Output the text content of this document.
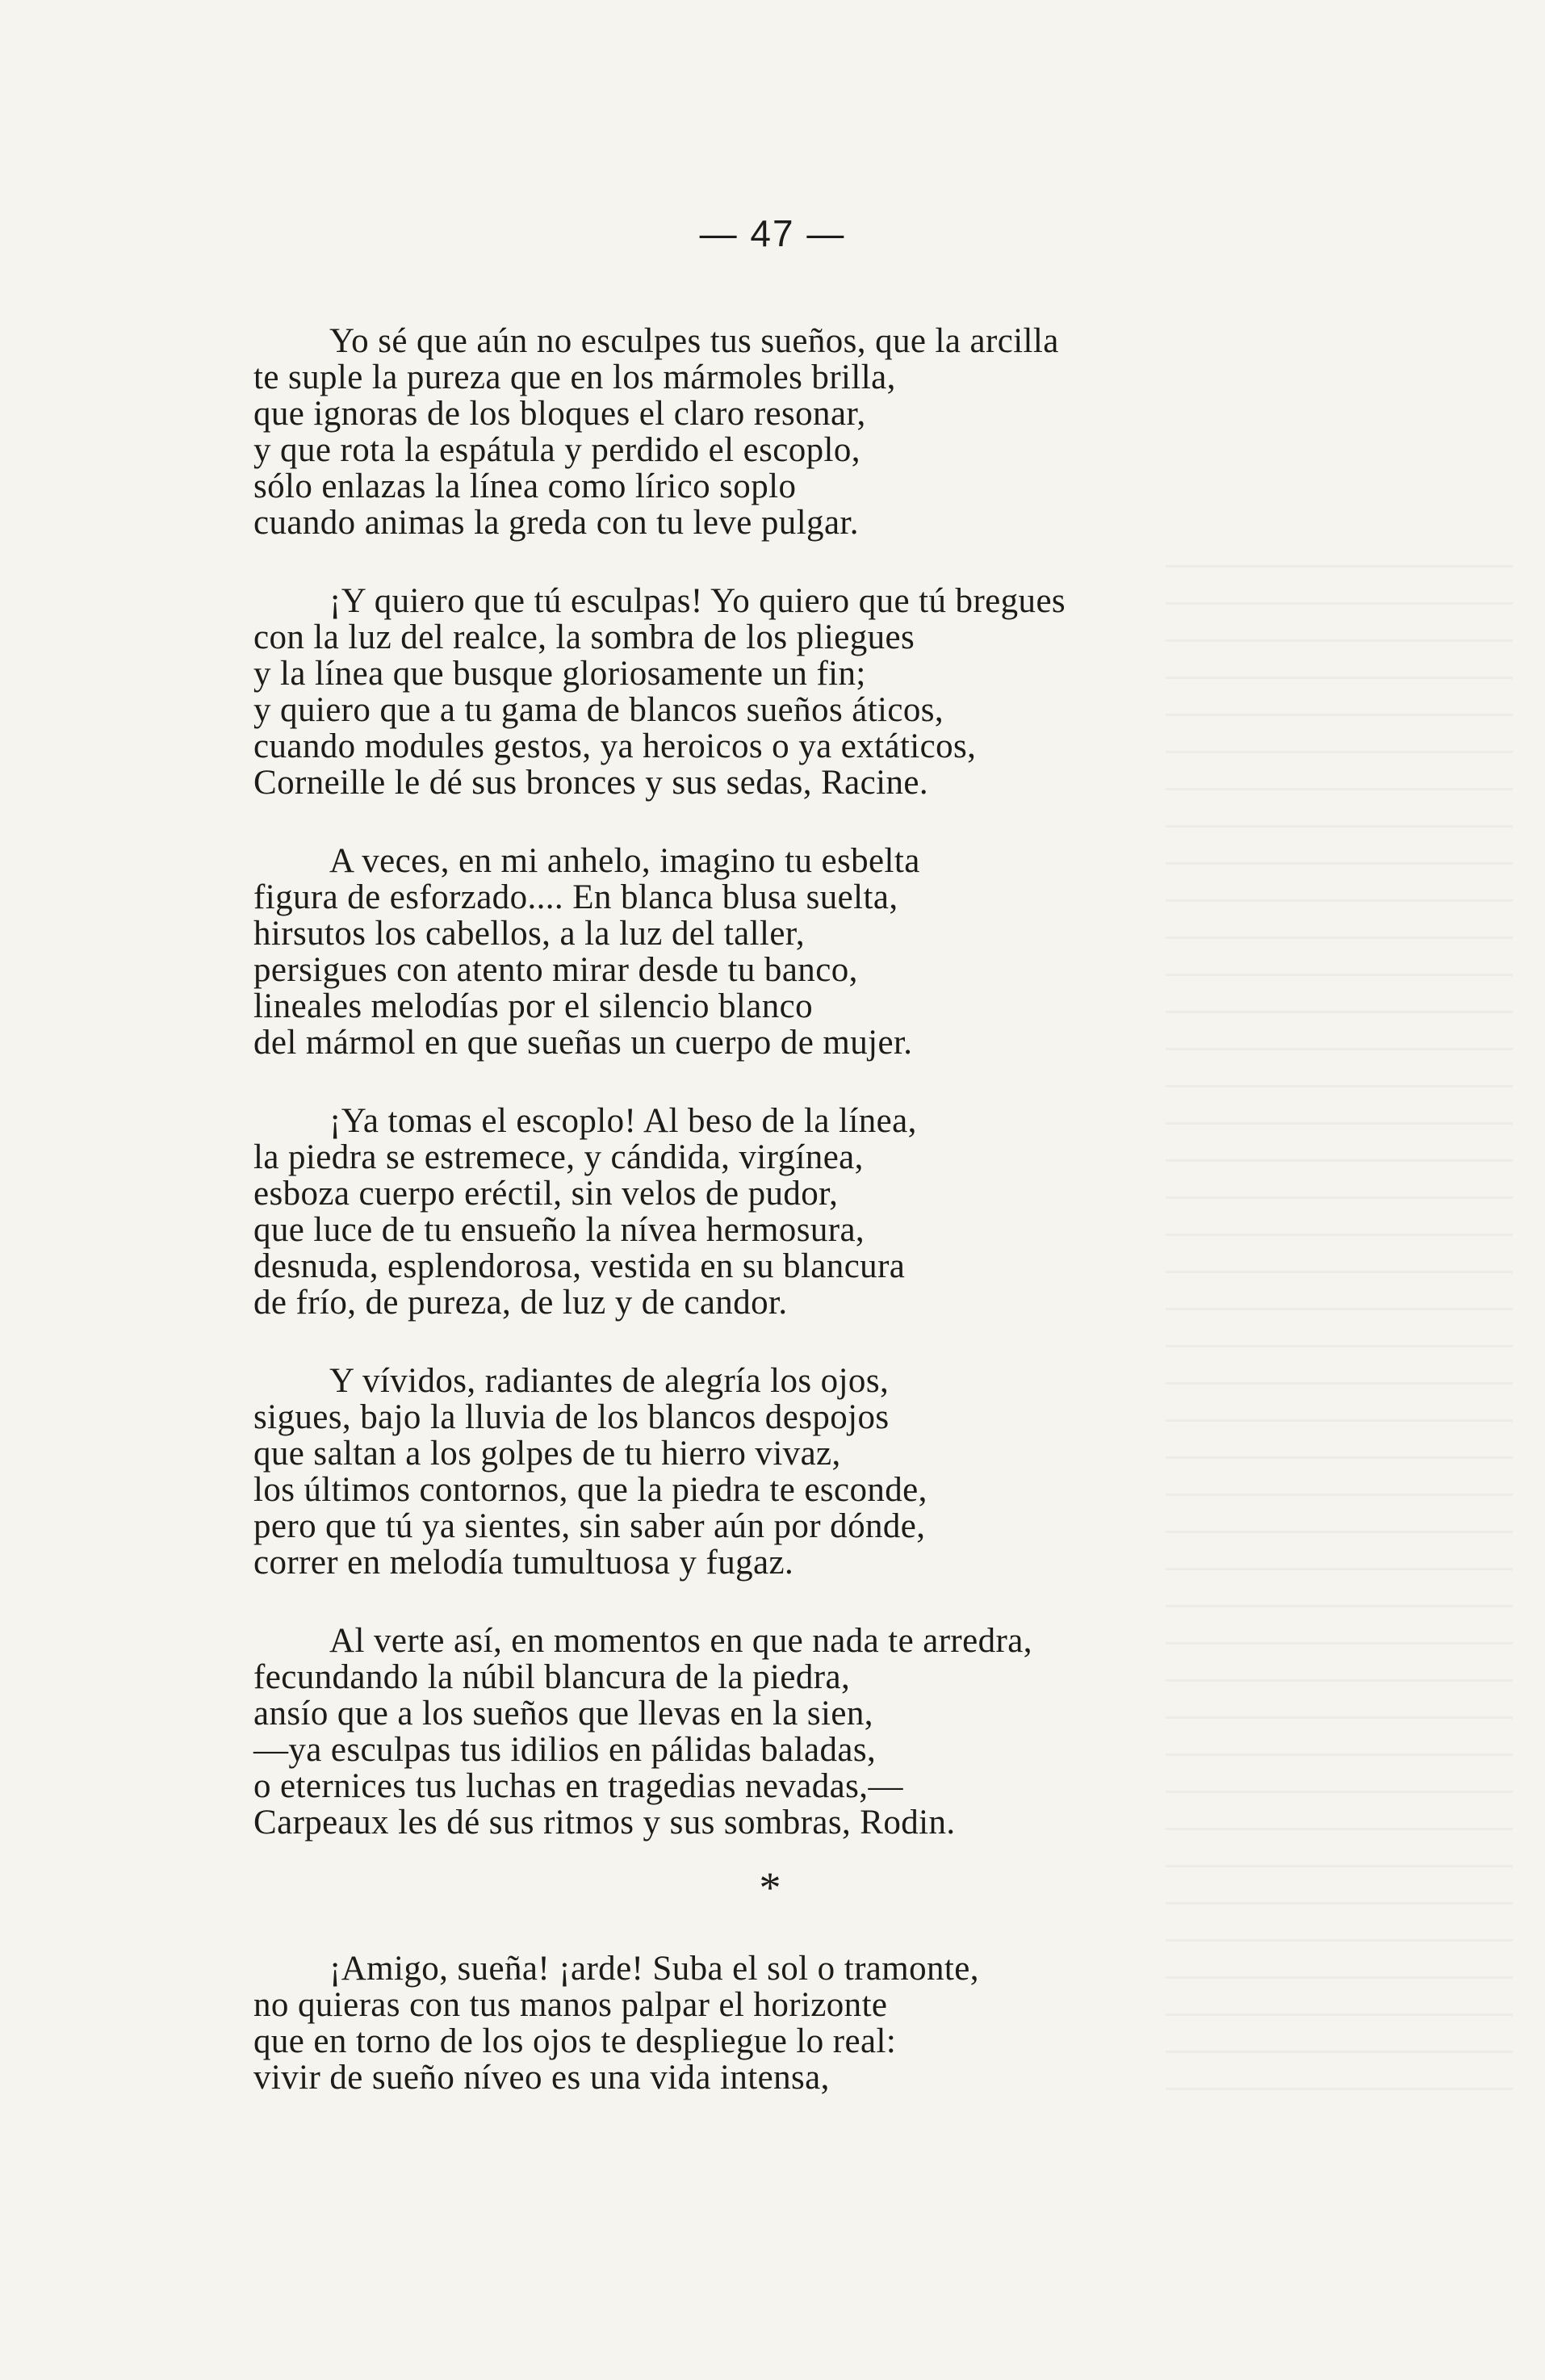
— 47 —
Yo sé que aún no esculpes tus sueños, que la arcilla
te suple la pureza que en los mármoles brilla,
que ignoras de los bloques el claro resonar,
y que rota la espátula y perdido el escoplo,
sólo enlazas la línea como lírico soplo
cuando animas la greda con tu leve pulgar.
¡Y quiero que tú esculpas! Yo quiero que tú bregues
con la luz del realce, la sombra de los pliegues
y la línea que busque gloriosamente un fin;
y quiero que a tu gama de blancos sueños áticos,
cuando modules gestos, ya heroicos o ya extáticos,
Corneille le dé sus bronces y sus sedas, Racine.
A veces, en mi anhelo, imagino tu esbelta
figura de esforzado.... En blanca blusa suelta,
hirsutos los cabellos, a la luz del taller,
persigues con atento mirar desde tu banco,
lineales melodías por el silencio blanco
del mármol en que sueñas un cuerpo de mujer.
¡Ya tomas el escoplo! Al beso de la línea,
la piedra se estremece, y cándida, virgínea,
esboza cuerpo eréctil, sin velos de pudor,
que luce de tu ensueño la nívea hermosura,
desnuda, esplendorosa, vestida en su blancura
de frío, de pureza, de luz y de candor.
Y vívidos, radiantes de alegría los ojos,
sigues, bajo la lluvia de los blancos despojos
que saltan a los golpes de tu hierro vivaz,
los últimos contornos, que la piedra te esconde,
pero que tú ya sientes, sin saber aún por dónde,
correr en melodía tumultuosa y fugaz.
Al verte así, en momentos en que nada te arredra,
fecundando la núbil blancura de la piedra,
ansío que a los sueños que llevas en la sien,
—ya esculpas tus idilios en pálidas baladas,
o eternices tus luchas en tragedias nevadas,—
Carpeaux les dé sus ritmos y sus sombras, Rodin.
*
¡Amigo, sueña! ¡arde! Suba el sol o tramonte,
no quieras con tus manos palpar el horizonte
que en torno de los ojos te despliegue lo real:
vivir de sueño níveo es una vida intensa,
